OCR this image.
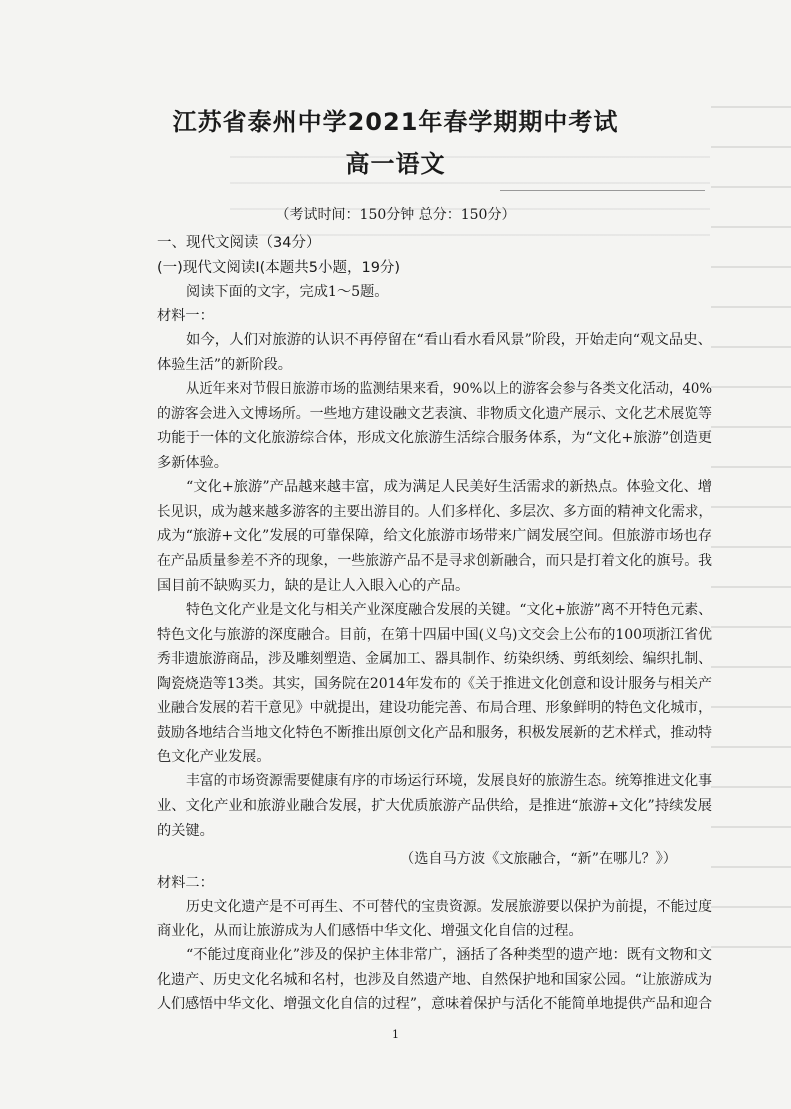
江苏省泰州中学2021年春学期期中考试
高一语文
（考试时间：150分钟 总分：150分）
一、现代文阅读（34分）
(一)现代文阅读Ⅰ(本题共5小题，19分)
阅读下面的文字，完成1～5题。
材料一：
如今，人们对旅游的认识不再停留在“看山看水看风景”阶段，开始走向“观文品史、
体验生活”的新阶段。
从近年来对节假日旅游市场的监测结果来看，90%以上的游客会参与各类文化活动，40%
的游客会进入文博场所。一些地方建设融文艺表演、非物质文化遗产展示、文化艺术展览等
功能于一体的文化旅游综合体，形成文化旅游生活综合服务体系，为“文化+旅游”创造更
多新体验。
“文化+旅游”产品越来越丰富，成为满足人民美好生活需求的新热点。体验文化、增
长见识，成为越来越多游客的主要出游目的。人们多样化、多层次、多方面的精神文化需求，
成为“旅游+文化”发展的可靠保障，给文化旅游市场带来广阔发展空间。但旅游市场也存
在产品质量参差不齐的现象，一些旅游产品不是寻求创新融合，而只是打着文化的旗号。我
国目前不缺购买力，缺的是让人入眼入心的产品。
特色文化产业是文化与相关产业深度融合发展的关键。“文化+旅游”离不开特色元素、
特色文化与旅游的深度融合。目前，在第十四届中国(义乌)文交会上公布的100项浙江省优
秀非遗旅游商品，涉及雕刻塑造、金属加工、器具制作、纺染织绣、剪纸刻绘、编织扎制、
陶瓷烧造等13类。其实，国务院在2014年发布的《关于推进文化创意和设计服务与相关产
业融合发展的若干意见》中就提出，建设功能完善、布局合理、形象鲜明的特色文化城市，
鼓励各地结合当地文化特色不断推出原创文化产品和服务，积极发展新的艺术样式，推动特
色文化产业发展。
丰富的市场资源需要健康有序的市场运行环境，发展良好的旅游生态。统筹推进文化事
业、文化产业和旅游业融合发展，扩大优质旅游产品供给，是推进“旅游+文化”持续发展
的关键。
（选自马方波《文旅融合，“新”在哪儿？》）
材料二：
历史文化遗产是不可再生、不可替代的宝贵资源。发展旅游要以保护为前提，不能过度
商业化，从而让旅游成为人们感悟中华文化、增强文化自信的过程。
“不能过度商业化”涉及的保护主体非常广，涵括了各种类型的遗产地：既有文物和文
化遗产、历史文化名城和名村，也涉及自然遗产地、自然保护地和国家公园。“让旅游成为
人们感悟中华文化、增强文化自信的过程”，意味着保护与活化不能简单地提供产品和迎合
1
